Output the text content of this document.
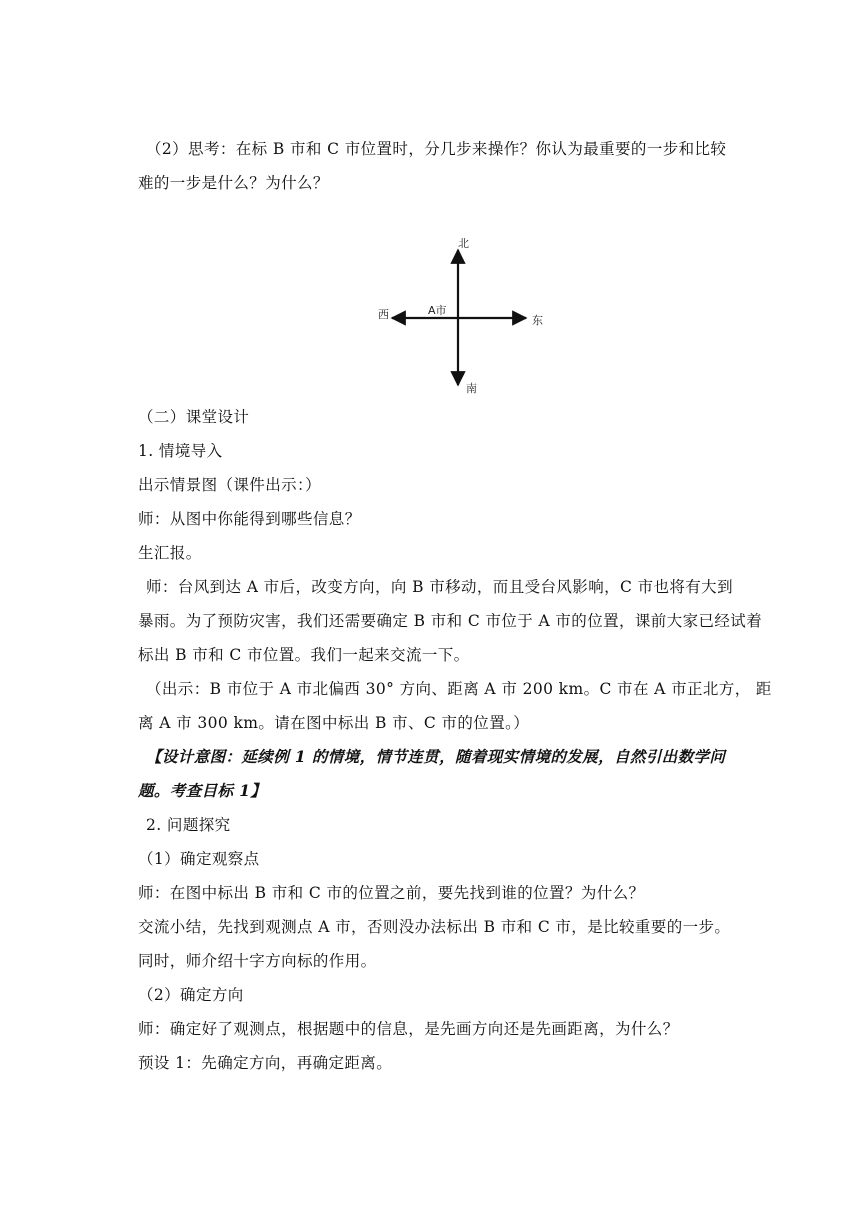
（2）思考：在标 B 市和 C 市位置时，分几步来操作？你认为最重要的一步和比较
难的一步是什么？为什么？
北
南
东
西	A市
（二）课堂设计
1. 情境导入
出示情景图（课件出示：）
师：从图中你能得到哪些信息？
生汇报。
师：台风到达 A 市后，改变方向，向 B 市移动，而且受台风影响，C 市也将有大到
暴雨。为了预防灾害，我们还需要确定 B 市和 C 市位于 A 市的位置，课前大家已经试着
标出 B 市和 C 市位置。我们一起来交流一下。
（出示：B 市位于 A 市北偏西 30° 方向、距离 A 市 200 km。C 市在 A 市正北方， 距
离 A 市 300 km。请在图中标出 B 市、C 市的位置。）
【设计意图：延续例 1 的情境，情节连贯，随着现实情境的发展，自然引出数学问
题。考查目标 1】
2. 问题探究
（1）确定观察点
师：在图中标出 B 市和 C 市的位置之前，要先找到谁的位置？为什么？
交流小结，先找到观测点 A 市，否则没办法标出 B 市和 C 市，是比较重要的一步。
同时，师介绍十字方向标的作用。
（2）确定方向
师：确定好了观测点，根据题中的信息，是先画方向还是先画距离，为什么？
预设 1：先确定方向，再确定距离。
